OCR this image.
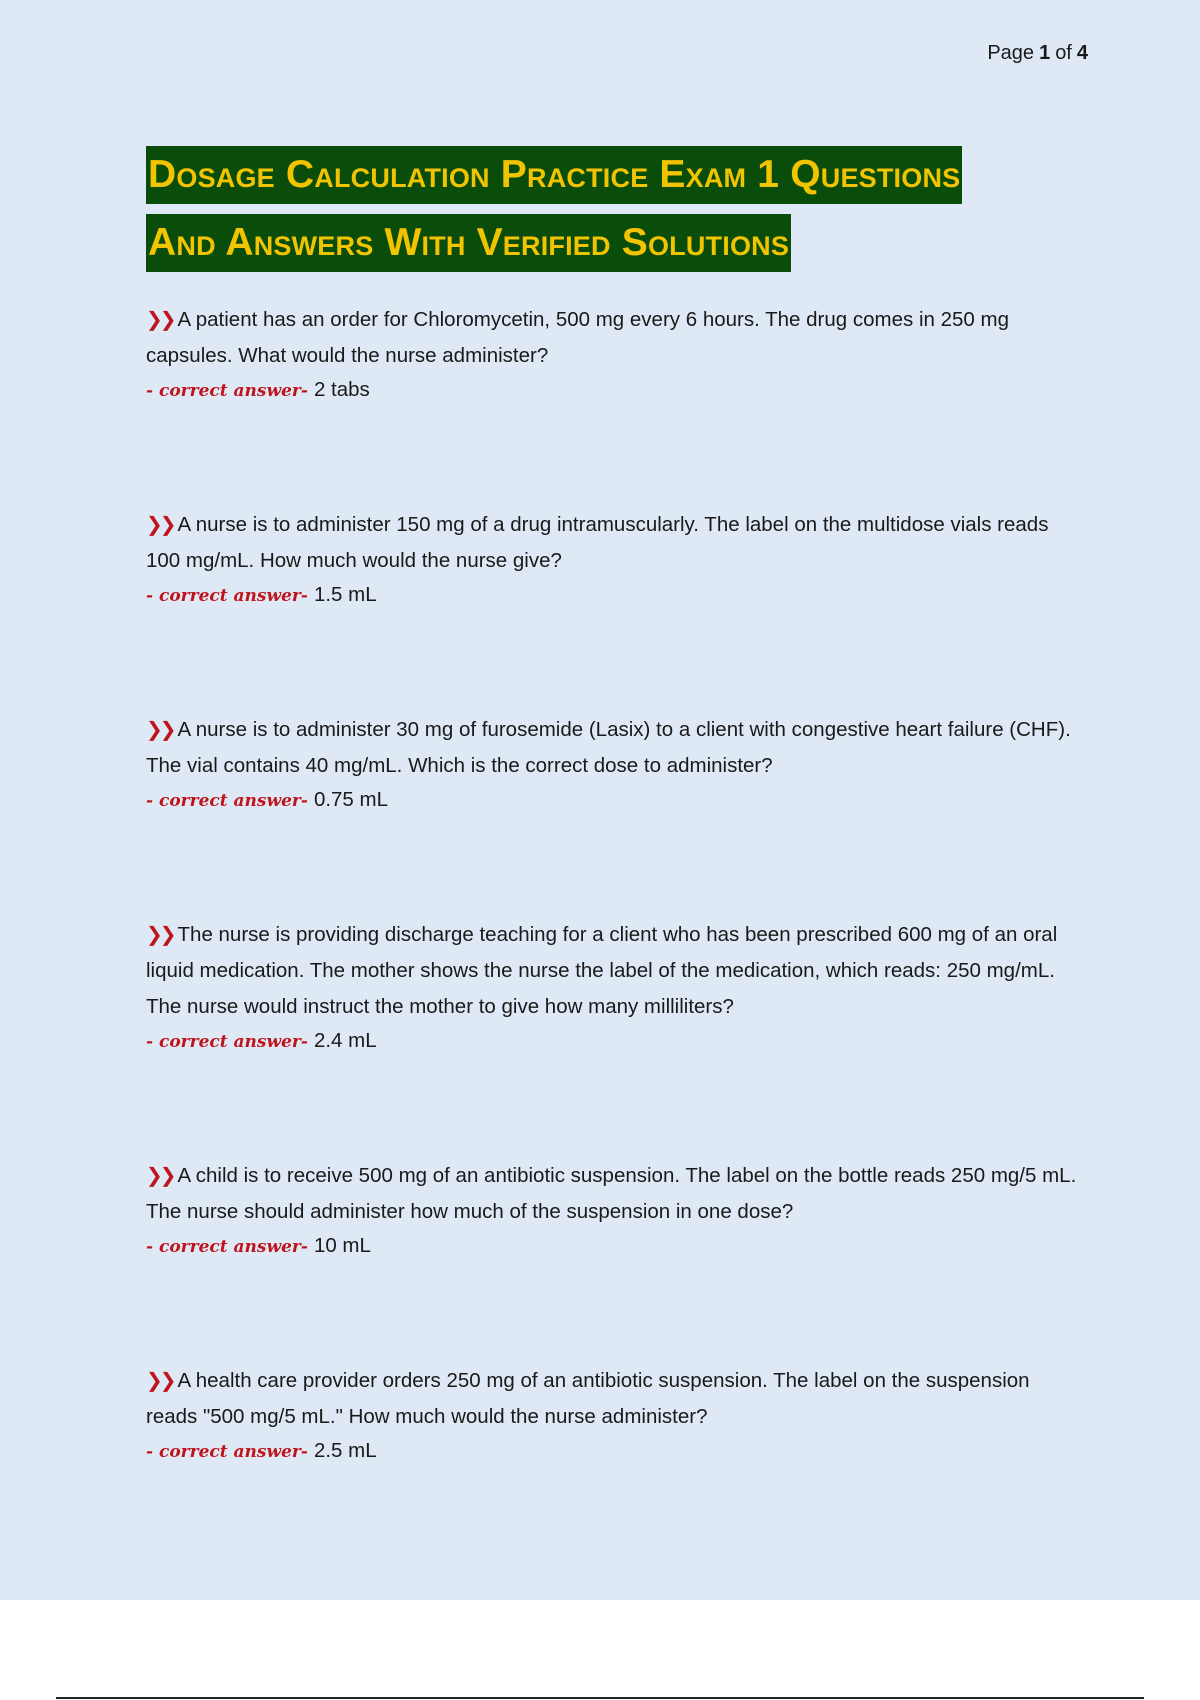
Page 1 of 4
Dosage Calculation Practice Exam 1 Questions
And Answers With Verified Solutions
❯❯ A patient has an order for Chloromycetin, 500 mg every 6 hours. The drug comes in 250 mg capsules. What would the nurse administer?
- correct answer- 2 tabs
❯❯ A nurse is to administer 150 mg of a drug intramuscularly. The label on the multidose vials reads 100 mg/mL. How much would the nurse give?
- correct answer- 1.5 mL
❯❯ A nurse is to administer 30 mg of furosemide (Lasix) to a client with congestive heart failure (CHF). The vial contains 40 mg/mL. Which is the correct dose to administer?
- correct answer- 0.75 mL
❯❯ The nurse is providing discharge teaching for a client who has been prescribed 600 mg of an oral liquid medication. The mother shows the nurse the label of the medication, which reads: 250 mg/mL. The nurse would instruct the mother to give how many milliliters?
- correct answer- 2.4 mL
❯❯ A child is to receive 500 mg of an antibiotic suspension. The label on the bottle reads 250 mg/5 mL. The nurse should administer how much of the suspension in one dose?
- correct answer- 10 mL
❯❯ A health care provider orders 250 mg of an antibiotic suspension. The label on the suspension reads "500 mg/5 mL." How much would the nurse administer?
- correct answer- 2.5 mL
